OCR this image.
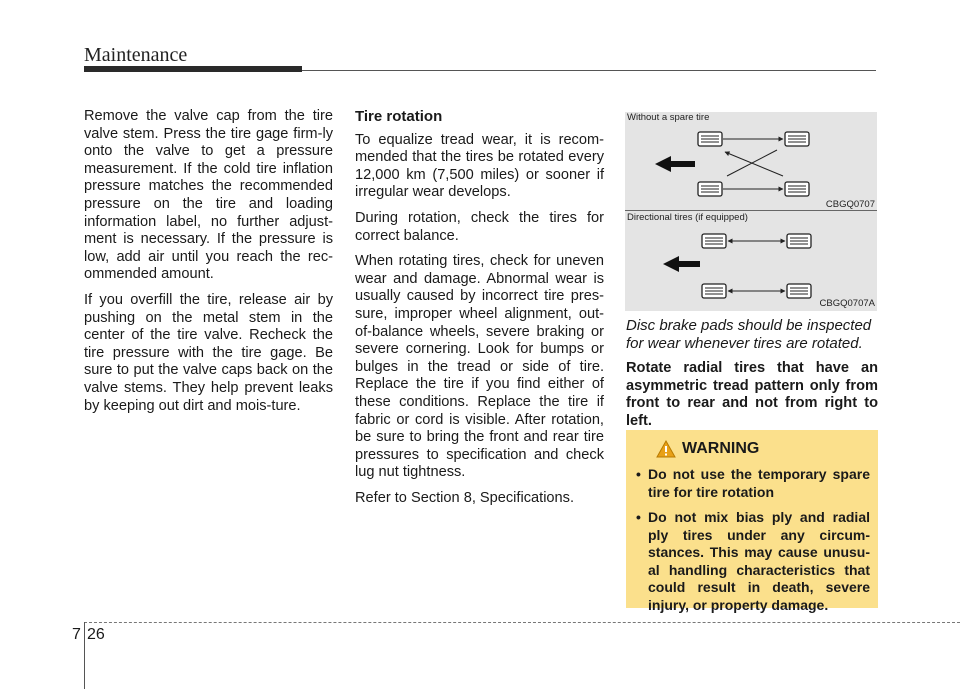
Maintenance

Remove the valve cap from the tire valve stem. Press the tire gage firm-ly onto the valve to get a pressure measurement. If the cold tire inflation pressure matches the recommended pressure on the tire and loading information label, no further adjust-ment is necessary. If the pressure is low, add air until you reach the rec-ommended amount.

If you overfill the tire, release air by pushing on the metal stem in the center of the tire valve. Recheck the tire pressure with the tire gage. Be sure to put the valve caps back on the valve stems. They help prevent leaks by keeping out dirt and mois-ture.

Tire rotation

To equalize tread wear, it is recom-mended that the tires be rotated every 12,000 km (7,500 miles) or sooner if irregular wear develops.

During rotation, check the tires for correct balance.

When rotating tires, check for uneven wear and damage. Abnormal wear is usually caused by incorrect tire pres-sure, improper wheel alignment, out-of-balance wheels, severe braking or severe cornering. Look for bumps or bulges in the tread or side of tire. Replace the tire if you find either of these conditions. Replace the tire if fabric or cord is visible. After rotation, be sure to bring the front and rear tire pressures to specification and check lug nut tightness.

Refer to Section 8, Specifications.

Without a spare tire
CBGQ0707
Directional tires (if equipped)
CBGQ0707A

Disc brake pads should be inspected for wear whenever tires are rotated.

Rotate radial tires that have an asymmetric tread pattern only from front to rear and not from right to left.

WARNING
• Do not use the temporary spare tire for tire rotation
• Do not mix bias ply and radial ply tires under any circum-stances. This may cause unusu-al handling characteristics that could result in death, severe injury, or property damage.
7 26
